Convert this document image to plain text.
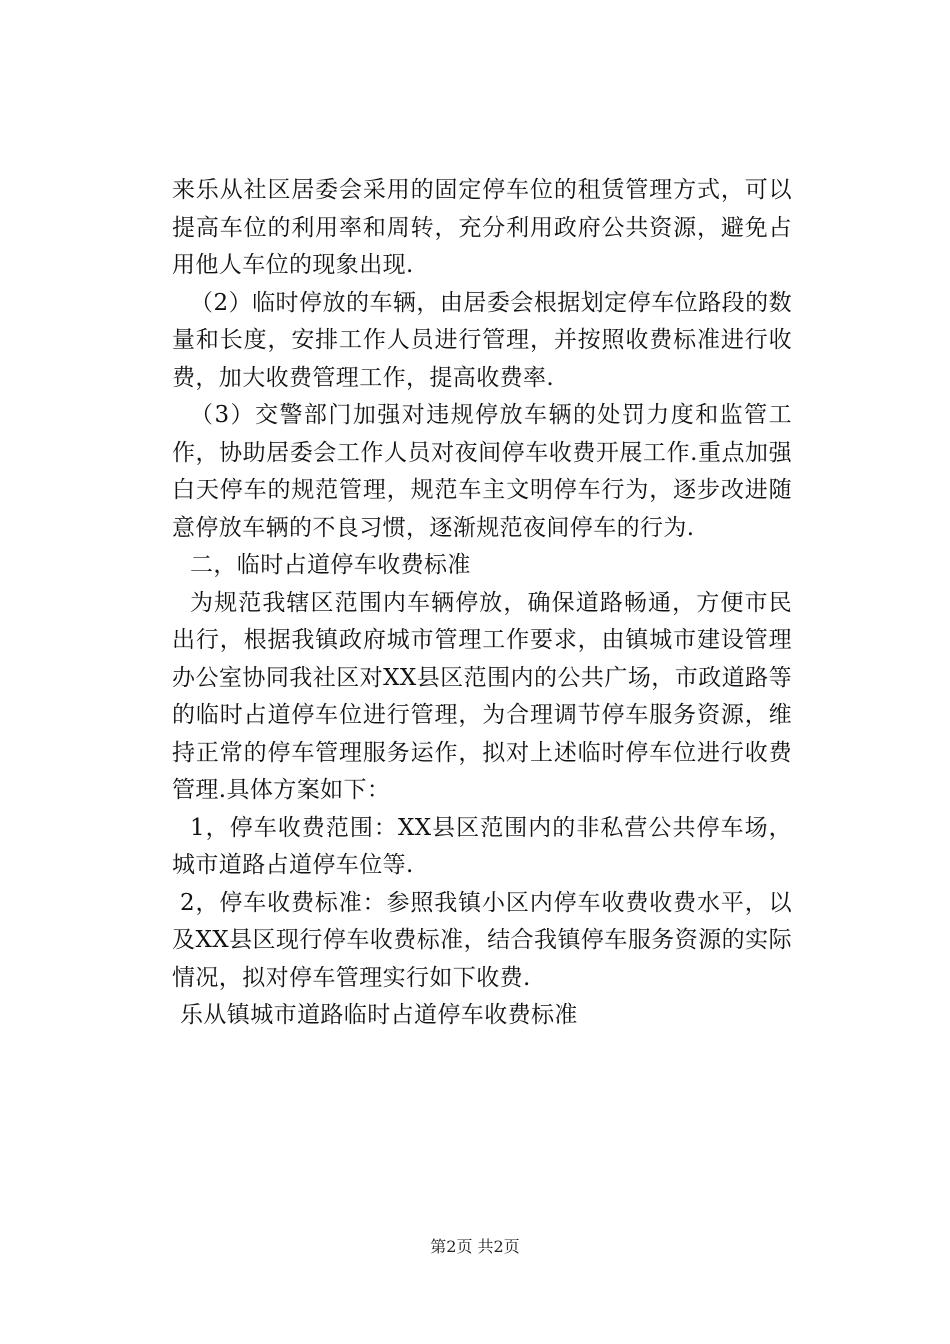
来乐从社区居委会采用的固定停车位的租赁管理方式，可以提高车位的利用率和周转，充分利用政府公共资源，避免占用他人车位的现象出现.

（2）临时停放的车辆，由居委会根据划定停车位路段的数量和长度，安排工作人员进行管理，并按照收费标准进行收费，加大收费管理工作，提高收费率.

（3）交警部门加强对违规停放车辆的处罚力度和监管工作，协助居委会工作人员对夜间停车收费开展工作.重点加强白天停车的规范管理，规范车主文明停车行为，逐步改进随意停放车辆的不良习惯，逐渐规范夜间停车的行为.

二，临时占道停车收费标准

为规范我辖区范围内车辆停放，确保道路畅通，方便市民出行，根据我镇政府城市管理工作要求，由镇城市建设管理办公室协同我社区对XX县区范围内的公共广场，市政道路等的临时占道停车位进行管理，为合理调节停车服务资源，维持正常的停车管理服务运作，拟对上述临时停车位进行收费管理.具体方案如下：

1，停车收费范围：XX县区范围内的非私营公共停车场，城市道路占道停车位等.

2，停车收费标准：参照我镇小区内停车收费收费水平，以及XX县区现行停车收费标准，结合我镇停车服务资源的实际情况，拟对停车管理实行如下收费.

乐从镇城市道路临时占道停车收费标准

第2页 共2页
